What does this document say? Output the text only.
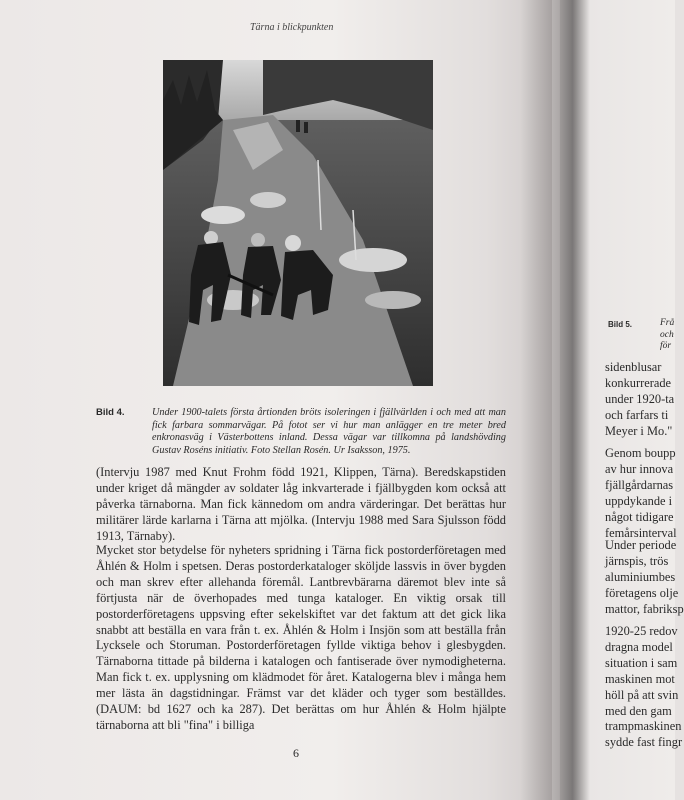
Bild 5.	Frå
och
för
sidenblusar
konkurrerade
under 1920-ta
och farfars ti
Meyer i Mo."
Genom boupp
av hur innova
fjällgårdarnas
uppdykande i
något tidigare
femårsinterval
Under periode
järnspis, trös
aluminiumbes
företagens olje
mattor, fabriksp
1920-25 redov
dragna model
situation i sam
maskinen mot
höll på att svin
med den gam
trampmaskinen
sydde fast fingr
Tärna i blickpunkten
Bild 4.	Under 1900-talets första årtionden bröts isoleringen i fjällvärlden i och med att man fick farbara sommarvägar. På fotot ser vi hur man anlägger en tre meter bred enkronasväg i Västerbottens inland. Dessa vägar var tillkomna på landshövding Gustav Roséns initiativ. Foto Stellan Rosén. Ur Isaksson, 1975.

(Intervju 1987 med Knut Frohm född 1921, Klippen, Tärna). Beredskapstiden under kriget då mängder av soldater låg inkvarterade i fjällbygden kom också att påverka tärnaborna. Man fick kännedom om andra värderingar. Det berättas hur militärer lärde karlarna i Tärna att mjölka. (Intervju 1988 med Sara Sjulsson född 1913, Tärnaby).

Mycket stor betydelse för nyheters spridning i Tärna fick postorderföretagen med Åhlén & Holm i spetsen. Deras postorderkataloger sköljde lassvis in över bygden och man skrev efter allehanda föremål. Lantbrevbärarna däremot blev inte så förtjusta när de överhopades med tunga kataloger. En viktig orsak till postorderföretagens uppsving efter sekelskiftet var det faktum att det gick lika snabbt att beställa en vara från t. ex. Åhlén & Holm i Insjön som att beställa från Lycksele och Storuman. Postorderföretagen fyllde viktiga behov i glesbygden. Tärnaborna tittade på bilderna i katalogen och fantiserade över nymodigheterna. Man fick t. ex. upplysning om klädmodet för året. Katalogerna blev i många hem mer lästa än dagstidningar. Främst var det kläder och tyger som beställdes. (DAUM: bd 1627 och ka 287). Det berättas om hur Åhlén & Holm hjälpte tärnaborna att bli "fina" i billiga

6
